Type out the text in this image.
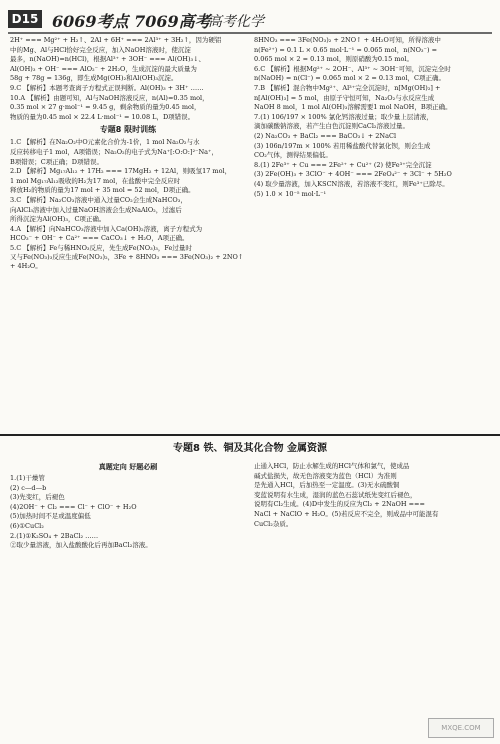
D15 6069考点 7069高考
高考化学

2H⁺ === Mg²⁺ + H₂↑、2Al + 6H⁺ === 2Al³⁺ + 3H₂↑，因为硬铝

中的Mg、Al与HCl恰好完全反应，加入NaOH溶液时，使沉淀

最多，n(NaOH)=n(HCl)，根据Al³⁺ + 3OH⁻ === Al(OH)₃↓、

Al(OH)₃ + OH⁻ === AlO₂⁻ + 2H₂O，生成沉淀的最大质量为

58g + 78g = 136g，即生成Mg(OH)₂和Al(OH)₃沉淀。

9.C 【解析】本题考查离子方程式正误判断。Al(OH)₃ + 3H⁺ ……

10.A 【解析】由题可知，Al与NaOH溶液反应，n(Al)=0.35 mol，

0.35 mol × 27 g·mol⁻¹ = 9.45 g，剩余物质的量为0.45 mol，

物质的量为0.45 mol × 22.4 L·mol⁻¹ = 10.08 L，D项错误。

专题8 限时训练

1.C 【解析】在Na₂O₂中O元素化合价为-1价，1 mol Na₂O₂与水

反应转移电子1 mol，A项错误；Na₂O₂的电子式为Na⁺[:O:O:]²⁻Na⁺，

B项错误；C项正确；D项错误。

2.D 【解析】Mg₁₇Al₁₂ + 17H₂ === 17MgH₂ + 12Al，则吸氢17 mol，

1 mol Mg₁₇Al₁₂吸收的H₂为17 mol，在盐酸中完全反应时

释放H₂的物质的量为17 mol + 35 mol = 52 mol，D项正确。

3.C 【解析】Na₂CO₃溶液中通入过量CO₂会生成NaHCO₃，

向AlCl₃溶液中加入过量NaOH溶液会生成NaAlO₂，过滤后

所得沉淀为Al(OH)₃，C项正确。

4.A 【解析】向NaHCO₃溶液中加入Ca(OH)₂溶液，离子方程式为

HCO₃⁻ + OH⁻ + Ca²⁺ === CaCO₃↓ + H₂O，A项正确。

5.C 【解析】Fe与稀HNO₃反应，先生成Fe(NO₃)₃，Fe过量时

又与Fe(NO₃)₃反应生成Fe(NO₃)₂，3Fe + 8HNO₃ === 3Fe(NO₃)₂ + 2NO↑ + 4H₂O。

8HNO₃ === 3Fe(NO₃)₂ + 2NO↑ + 4H₂O可知，所得溶液中

n(Fe²⁺) = 0.1 L × 0.65 mol·L⁻¹ = 0.065 mol，n(NO₃⁻) =

0.065 mol × 2 = 0.13 mol，则原硝酸为0.15 mol。

6.C 【解析】根据Mg²⁺ ~ 2OH⁻、Al³⁺ ~ 3OH⁻可知，沉淀完全时

n(NaOH) = n(Cl⁻) = 0.065 mol × 2 = 0.13 mol，C项正确。

7.B 【解析】混合物中Mg²⁺、Al³⁺完全沉淀时，n[Mg(OH)₂] +

n[Al(OH)₃] = 5 mol，由原子守恒可知，Na₂O₂与水反应生成

NaOH 8 mol，1 mol Al(OH)₃溶解需要1 mol NaOH，B项正确。

7.(1) 106/197 × 100% 氯化钙溶液过量；取少量上层清液，

滴加碳酸钠溶液，若产生白色沉淀则CaCl₂溶液过量。

(2) Na₂CO₃ + BaCl₂ === BaCO₃↓ + 2NaCl

(3) 106n/197m × 100% 若用稀盐酸代替氯化钡，则会生成

CO₂气体，测得结果偏低。

8.(1) 2Fe³⁺ + Cu === 2Fe²⁺ + Cu²⁺ (2) 使Fe³⁺完全沉淀

(3) 2Fe(OH)₃ + 3ClO⁻ + 4OH⁻ === 2FeO₄²⁻ + 3Cl⁻ + 5H₂O

(4) 取少量溶液，加入KSCN溶液，若溶液不变红，则Fe³⁺已除尽。

(5) 1.0 × 10⁻⁵ mol·L⁻¹

专题8 铁、铜及其化合物 金属资源
真题定向 好题必刷

1.(1)干燥管

(2) c—d—b

(3)先变红，后褪色

(4)2OH⁻ + Cl₂ === Cl⁻ + ClO⁻ + H₂O

(5)加热时间不足或温度偏低

(6)①CuCl₂

2.(1)①K₂SO₄ + 2BaCl₂ ……

②取少量溶液，加入盐酸酸化后再加BaCl₂溶液。

止通入HCl，防止水解生成的HCl气体和氯气，使成品

碱式盐损失，故无色溶液变为蓝色（HCl）为准则

是先通入HCl，后加热至一定温度。(3)无水硫酸铜

变蓝说明有水生成，湿润的蓝色石蕊试纸先变红后褪色，

说明有Cl₂生成。(4)D中发生的反应为Cl₂ + 2NaOH ===

NaCl + NaClO + H₂O。(5)若反应不完全，则成品中可能混有

CuCl₂杂质。

MXQE.COM
